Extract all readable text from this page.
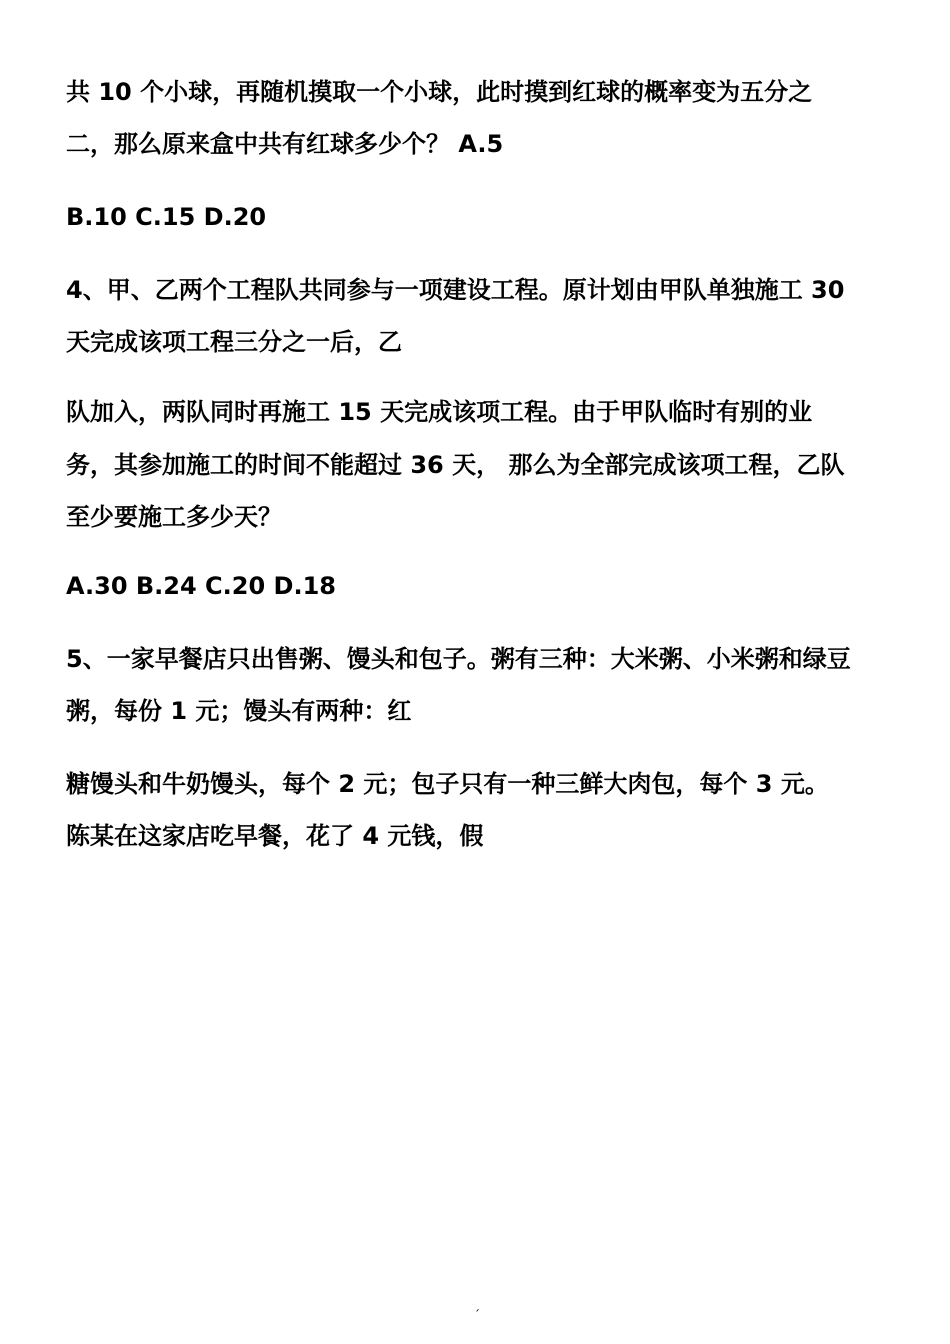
共 10 个小球，再随机摸取一个小球，此时摸到红球的概率变为五分之
二，那么原来盒中共有红球多少个？ A.5
B.10 C.15 D.20
4、甲、乙两个工程队共同参与一项建设工程。原计划由甲队单独施工 30
天完成该项工程三分之一后，乙
队加入，两队同时再施工 15 天完成该项工程。由于甲队临时有别的业
务，其参加施工的时间不能超过 36 天， 那么为全部完成该项工程，乙队
至少要施工多少天？
A.30 B.24 C.20 D.18
5、一家早餐店只出售粥、馒头和包子。粥有三种：大米粥、小米粥和绿豆
粥，每份 1 元；馒头有两种：红
糖馒头和牛奶馒头，每个 2 元；包子只有一种三鲜大肉包，每个 3 元。
陈某在这家店吃早餐，花了 4 元钱，假
´
